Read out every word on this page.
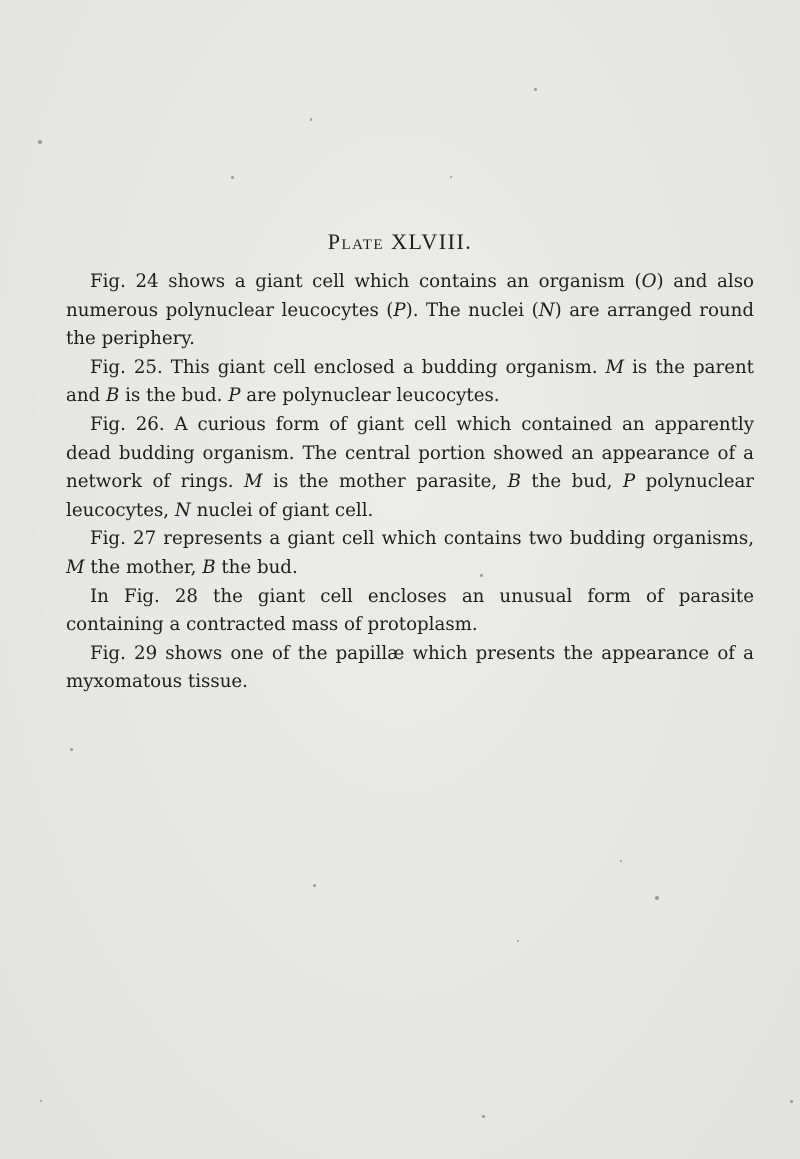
Plate XLVIII.

Fig. 24 shows a giant cell which contains an organism (O) and also numerous polynuclear leucocytes (P). The nuclei (N) are arranged round the periphery.

Fig. 25. This giant cell enclosed a budding organism. M is the parent and B is the bud. P are polynuclear leucocytes.

Fig. 26. A curious form of giant cell which contained an apparently dead budding organism. The central portion showed an appearance of a network of rings. M is the mother parasite, B the bud, P polynuclear leucocytes, N nuclei of giant cell.

Fig. 27 represents a giant cell which contains two budding organisms, M the mother, B the bud.

In Fig. 28 the giant cell encloses an unusual form of parasite containing a contracted mass of protoplasm.

Fig. 29 shows one of the papillæ which presents the appearance of a myxomatous tissue.
